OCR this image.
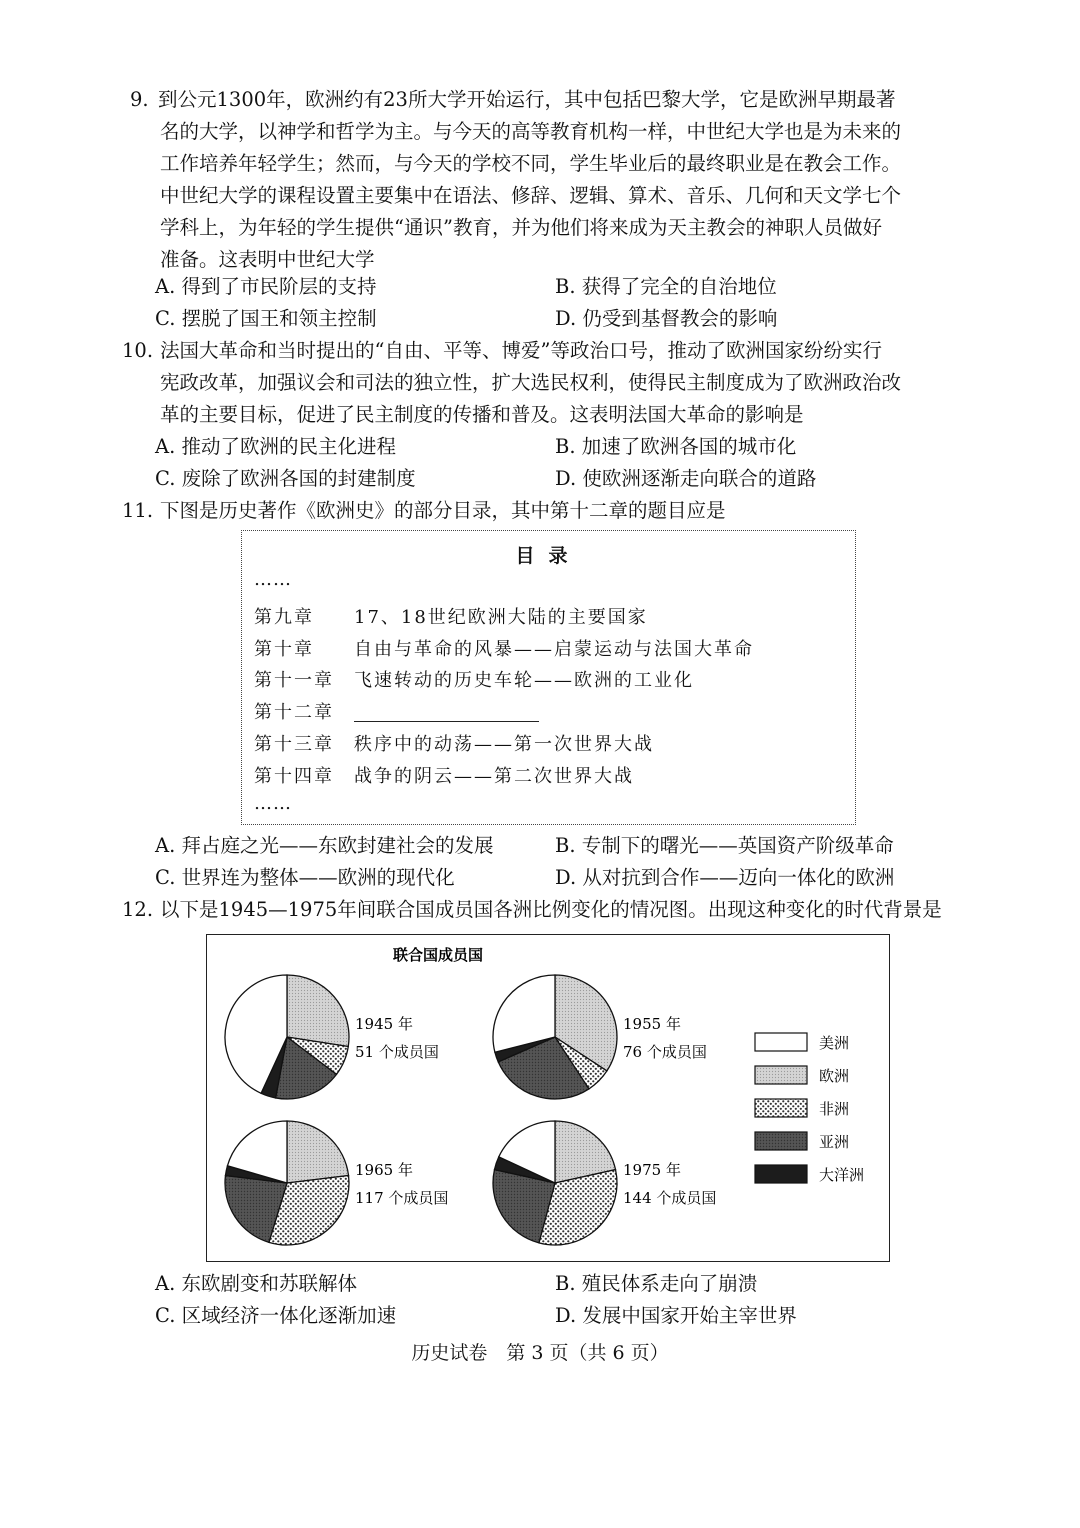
9. 到公元1300年，欧洲约有23所大学开始运行，其中包括巴黎大学，它是欧洲早期最著
名的大学，以神学和哲学为主。与今天的高等教育机构一样，中世纪大学也是为未来的
工作培养年轻学生；然而，与今天的学校不同，学生毕业后的最终职业是在教会工作。
中世纪大学的课程设置主要集中在语法、修辞、逻辑、算术、音乐、几何和天文学七个
学科上，为年轻的学生提供“通识”教育，并为他们将来成为天主教会的神职人员做好
准备。这表明中世纪大学
A. 得到了市民阶层的支持	B. 获得了完全的自治地位
C. 摆脱了国王和领主控制	D. 仍受到基督教会的影响
10. 法国大革命和当时提出的“自由、平等、博爱”等政治口号，推动了欧洲国家纷纷实行
宪政改革，加强议会和司法的独立性，扩大选民权利，使得民主制度成为了欧洲政治改
革的主要目标，促进了民主制度的传播和普及。这表明法国大革命的影响是
A. 推动了欧洲的民主化进程	B. 加速了欧洲各国的城市化
C. 废除了欧洲各国的封建制度	D. 使欧洲逐渐走向联合的道路
11. 下图是历史著作《欧洲史》的部分目录，其中第十二章的题目应是
目录
……
第九章 17、18世纪欧洲大陆的主要国家
第十章 自由与革命的风暴——启蒙运动与法国大革命
第十一章 飞速转动的历史车轮——欧洲的工业化
第十二章
第十三章 秩序中的动荡——第一次世界大战
第十四章 战争的阴云——第二次世界大战
……
A. 拜占庭之光——东欧封建社会的发展	B. 专制下的曙光——英国资产阶级革命
C. 世界连为整体——欧洲的现代化	D. 从对抗到合作——迈向一体化的欧洲
12. 以下是1945—1975年间联合国成员国各洲比例变化的情况图。出现这种变化的时代背景是
联合国成员国
1945 年
51 个成员国
1955 年
76 个成员国
1965 年
117 个成员国
1975 年
144 个成员国
美洲
欧洲
非洲
亚洲
大洋洲
A. 东欧剧变和苏联解体	B. 殖民体系走向了崩溃
C. 区域经济一体化逐渐加速	D. 发展中国家开始主宰世界
历史试卷　第 3 页（共 6 页）
